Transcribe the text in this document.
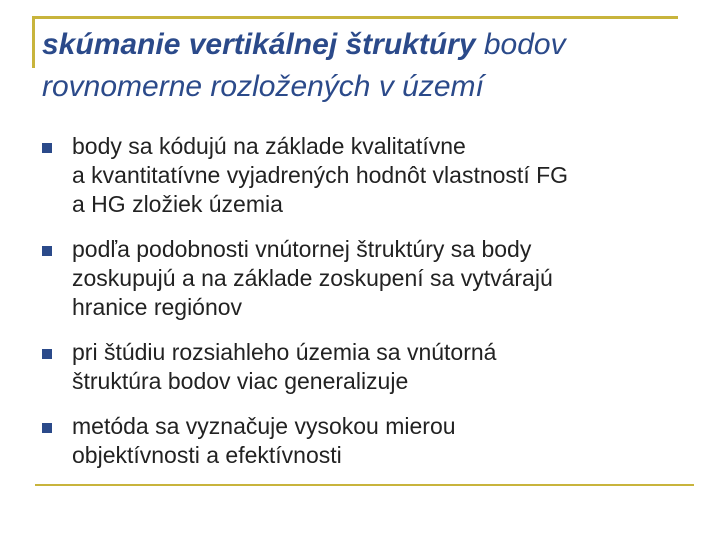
skúmanie vertikálnej štruktúry bodov
rovnomerne rozložených v území
body sa kódujú na základe kvalitatívne
a kvantitatívne vyjadrených hodnôt vlastností FG
a HG zložiek územia
podľa podobnosti vnútornej štruktúry sa body
zoskupujú a na základe zoskupení sa vytvárajú
hranice regiónov
pri štúdiu rozsiahleho územia sa vnútorná
štruktúra bodov viac generalizuje
metóda sa vyznačuje vysokou mierou
objektívnosti a efektívnosti
